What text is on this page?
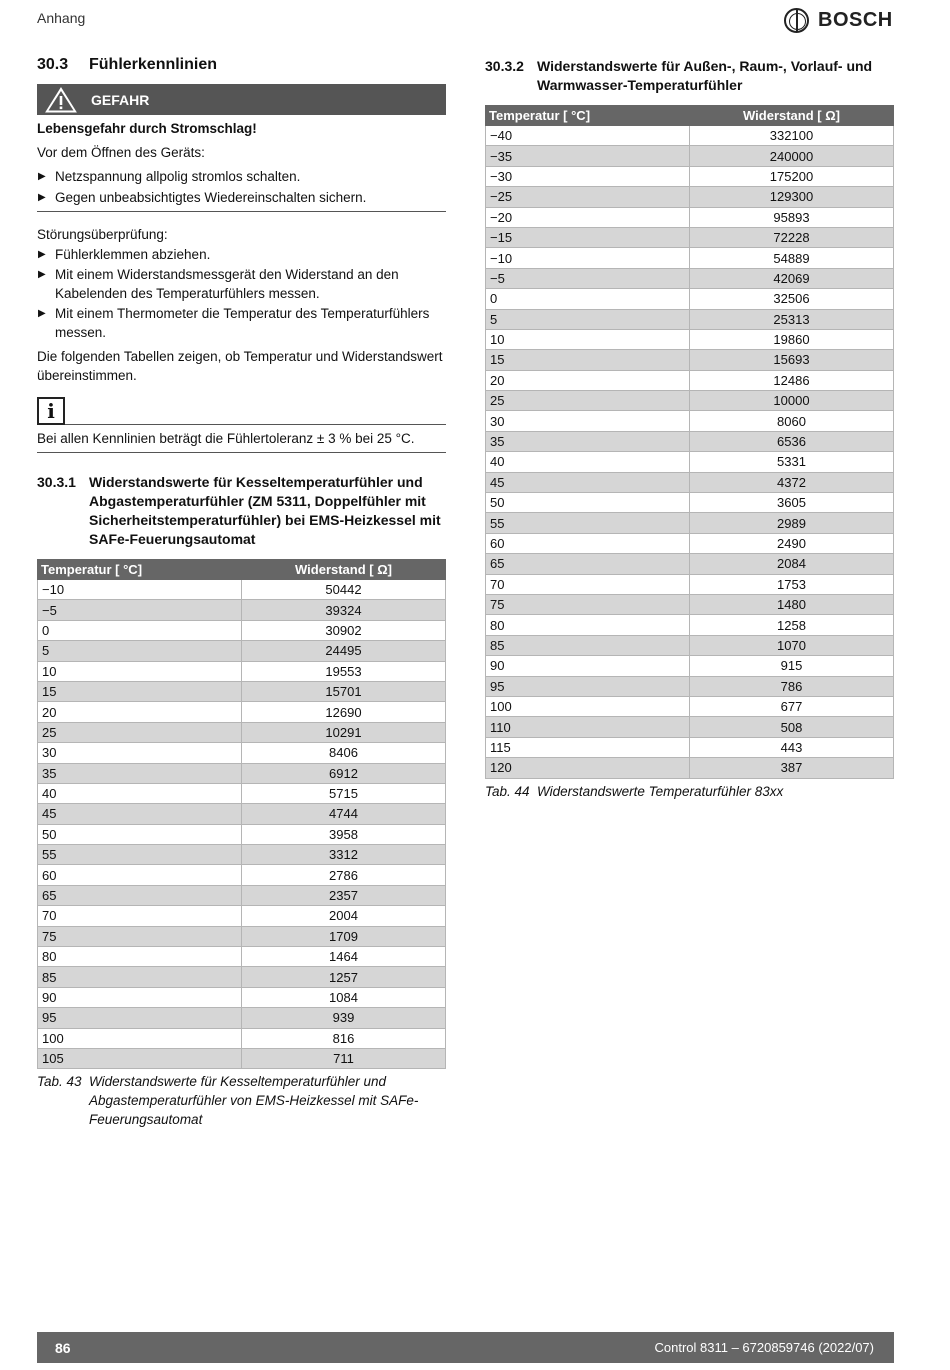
Anhang	BOSCH
30.3	Fühlerkennlinien
GEFAHR

Lebensgefahr durch Stromschlag!

Vor dem Öffnen des Geräts:

▶ Netzspannung allpolig stromlos schalten.
▶ Gegen unbeabsichtigtes Wiedereinschalten sichern.

Störungsüberprüfung:

▶ Fühlerklemmen abziehen.
▶ Mit einem Widerstandsmessgerät den Widerstand an den Kabelenden des Temperaturfühlers messen.
▶ Mit einem Thermometer die Temperatur des Temperaturfühlers messen.

Die folgenden Tabellen zeigen, ob Temperatur und Widerstandswert übereinstimmen.

i

Bei allen Kennlinien beträgt die Fühlertoleranz ± 3 % bei 25 °C.

30.3.1 Widerstandswerte für Kesseltemperaturfühler und Abgastemperaturfühler (ZM 5311, Doppelfühler mit Sicherheitstemperaturfühler) bei EMS-Heizkessel mit SAFe-Feuerungsautomat
Temperatur [ °C]	Widerstand [ Ω]
−10	50442
−5	39324
0	30902
5	24495
10	19553
15	15701
20	12690
25	10291
30	8406
35	6912
40	5715
45	4744
50	3958
55	3312
60	2786
65	2357
70	2004
75	1709
80	1464
85	1257
90	1084
95	939
100	816
105	711
Tab. 43 Widerstandswerte für Kesseltemperaturfühler und Abgastemperaturfühler von EMS-Heizkessel mit SAFe-Feuerungsautomat
30.3.2 Widerstandswerte für Außen-, Raum-, Vorlauf- und Warmwasser-Temperaturfühler
Temperatur [ °C]	Widerstand [ Ω]
−40	332100
−35	240000
−30	175200
−25	129300
−20	95893
−15	72228
−10	54889
−5	42069
0	32506
5	25313
10	19860
15	15693
20	12486
25	10000
30	8060
35	6536
40	5331
45	4372
50	3605
55	2989
60	2490
65	2084
70	1753
75	1480
80	1258
85	1070
90	915
95	786
100	677
110	508
115	443
120	387
Tab. 44 Widerstandswerte Temperaturfühler 83xx
86	Control 8311 – 6720859746 (2022/07)
